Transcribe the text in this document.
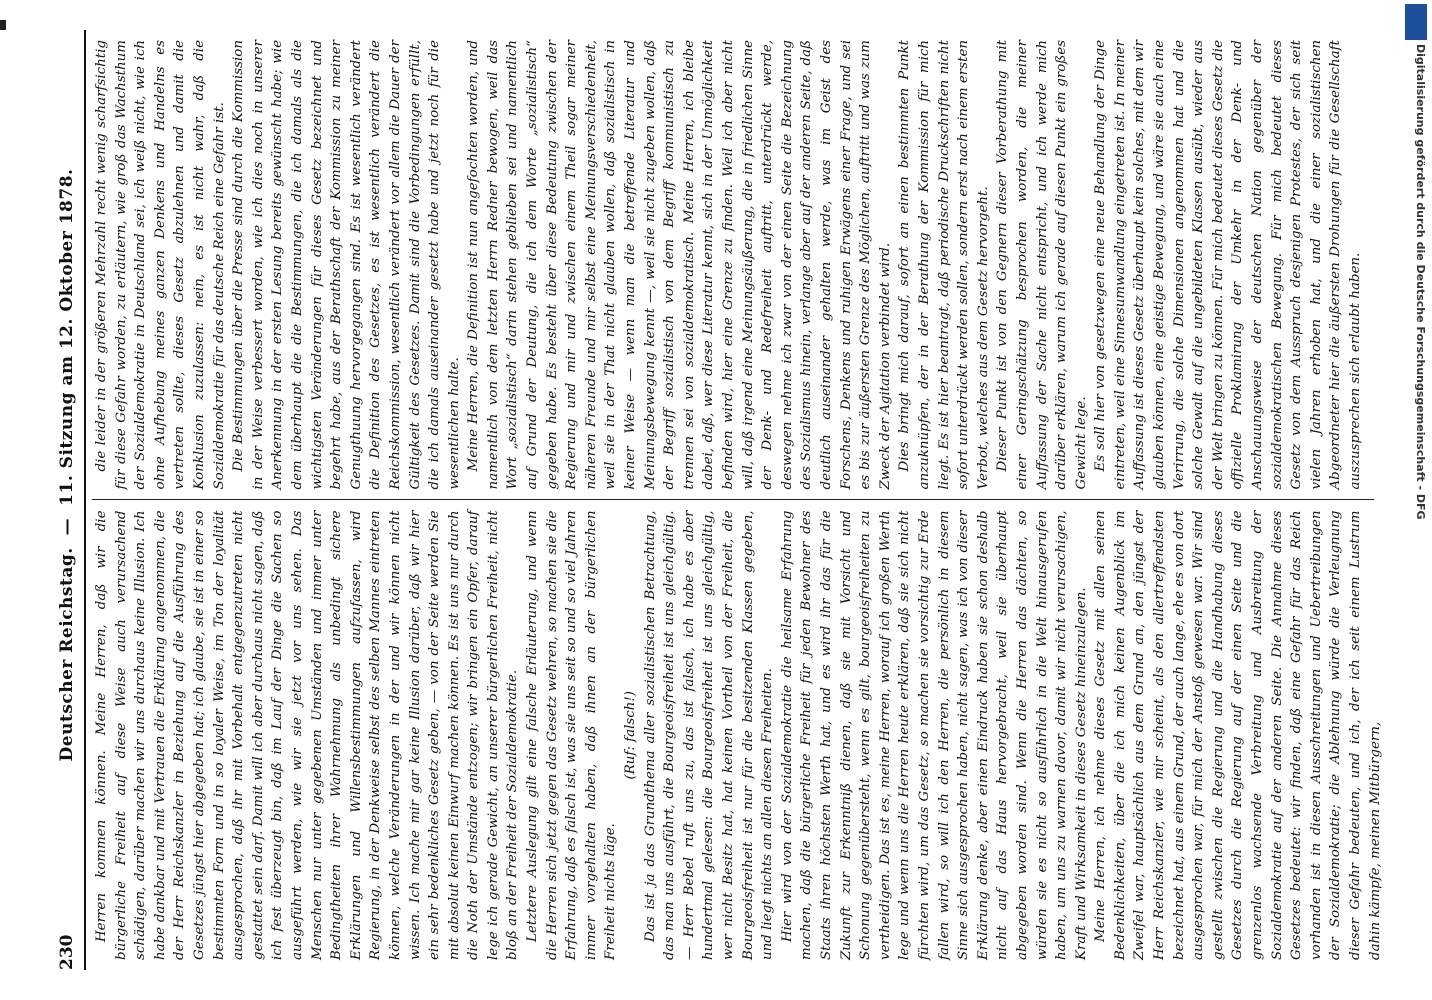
230
Deutscher Reichstag.—11. Sitzung am 12. Oktober 1878.

Herren kommen können. Meine Herren, daß wir die bürgerliche Freiheit auf diese Weise auch verursachend schädigen, darüber machen wir uns durchaus keine Illusion. Ich habe dankbar und mit Vertrauen die Erklärung angenommen, die der Herr Reichskanzler in Beziehung auf die Ausführung des Gesetzes jüngst hier abgegeben hat; ich glaube, sie ist in einer so bestimmten Form und in so loyaler Weise, im Ton der loyalität ausgesprochen, daß ihr mit Vorbehalt entgegenzutreten nicht gestattet sein darf. Damit will ich aber durchaus nicht sagen, daß ich fest überzeugt bin, daß im Lauf der Dinge die Sachen so ausgeführt werden, wie wir sie jetzt vor uns sehen. Das Menschen nur unter gegebenen Umständen und immer unter Bedingtheiten ihrer Wahrnehmung als unbedingt sichere Erklärungen und Willensbestimmungen aufzufassen, wird Regierung, in der Denkweise selbst des selben Mannes eintreten können, welche Veränderungen in der und wir können nicht wissen. Ich mache mir gar keine Illusion darüber, daß wir hier ein sehr bedenkliches Gesetz geben, — von der Seite werden Sie mit absolut keinen Einwurf machen können. Es ist uns nur durch die Noth der Umstände entzogen; wir bringen ein Opfer, darauf lege ich gerade Gewicht, an unserer bürgerlichen Freiheit, nicht bloß an der Freiheit der Sozialdemokratie. Letztere Auslegung gilt eine falsche Erläuterung, und wenn die Herren sich jetzt gegen das Gesetz wehren, so machen sie die Erfahrung, daß es falsch ist, was sie uns seit so und so viel Jahren immer vorgehalten haben, daß ihnen an der bürgerlichen Freiheit nichts läge.

(Ruf: falsch!) Das ist ja das Grundthema aller sozialistischen Betrachtung, das man uns ausführt, die Bourgeoisfreiheit ist uns gleichgültig. — Herr Bebel ruft uns zu, das ist falsch, ich habe es aber hundertmal gelesen: die Bourgeoisfreiheit ist uns gleichgültig, wer nicht Besitz hat, hat keinen Vortheil von der Freiheit, die Bourgeoisfreiheit ist nur für die besitzenden Klassen gegeben, und liegt nichts an allen diesen Freiheiten. Hier wird von der Sozialdemokratie die heilsame Erfahrung machen, daß die bürgerliche Freiheit für jeden Bewohner des Staats ihren höchsten Werth hat, und es wird ihr das für die Zukunft zur Erkenntniß dienen, daß sie mit Vorsicht und Schonung gegenübersteht, wenn es gilt, bourgeoisfreiheiten zu vertheidigen. Das ist es, meine Herren, worauf ich großen Werth lege und wenn uns die Herren heute erklären, daß sie sich nicht fürchten wird, um das Gesetz, so machen sie vorsichtig zur Erde fallen wird, so will ich den Herren, die persönlich in diesem Sinne sich ausgesprochen haben, nicht sagen, was ich von dieser Erklärung denke, aber einen Eindruck haben sie schon deshalb nicht auf das Haus hervorgebracht, weil sie überhaupt abgegeben worden sind. Wenn die Herren das dächten, so würden sie es nicht so ausführlich in die Welt hinausgerufen haben, um uns zu warnen davor, damit wir nicht verursachigen, Kraft und Wirksamkeit in dieses Gesetz hineinzulegen. Meine Herren, ich nehme dieses Gesetz mit allen seinen Bedenklichkeiten, über die ich mich keinen Augenblick im Zweifel war, hauptsächlich aus dem Grund an, den jüngst der Herr Reichskanzler, wie mir scheint, als den allertreffendsten bezeichnet hat, aus einem Grund, der auch lange, ehe es von dort ausgesprochen war, für mich der Anstoß gewesen war. Wir sind gestellt zwischen die Regierung und die Handhabung dieses Gesetzes durch die Regierung auf der einen Seite und die grenzenlos wachsende Verbreitung und Ausbreitung der Sozialdemokratie auf der anderen Seite. Die Annahme dieses Gesetzes bedeutet: wir finden, daß eine Gefahr für das Reich vorhanden ist in diesen Ausschreitungen und Uebertreibungen der Sozialdemokratie; die Ablehnung würde die Verleugnung dieser Gefahr bedeuten, und ich, der ich seit einem Lustrum dahin kämpfe, meinen Mitbürgern,

die leider in der größeren Mehrzahl recht wenig scharfsichtig für diese Gefahr worden, zu erläutern, wie groß das Wachsthum der Sozialdemokratie in Deutschland sei, ich weiß nicht, wie ich ohne Aufhebung meines ganzen Denkens und Handelns es vertreten sollte, dieses Gesetz abzulehnen und damit die Konklusion zuzulassen: nein, es ist nicht wahr, daß die Sozialdemokratie für das deutsche Reich eine Gefahr ist. Die Bestimmungen über die Presse sind durch die Kommission in der Weise verbessert worden, wie ich dies noch in unserer Anerkennung in der ersten Lesung bereits gewünscht habe; wie dem überhaupt die die Bestimmungen, die ich damals als die wichtigsten Veränderungen für dieses Gesetz bezeichnet und begehrt habe, aus der Berathschaft der Kommission zu meiner Genugthuung hervorgegangen sind. Es ist wesentlich verändert die Definition des Gesetzes, es ist wesentlich verändert die Reichskommission, wesentlich verändert vor allem die Dauer der Gültigkeit des Gesetzes. Damit sind die Vorbedingungen erfüllt, die ich damals auseinander gesetzt habe und jetzt noch für die wesentlichen halte. Meine Herren, die Definition ist nun angefochten worden, und namentlich von dem letzten Herrn Redner bewogen, weil das Wort „sozialistisch“ darin stehen geblieben sei und namentlich auf Grund der Deutung, die ich dem Worte „sozialistisch“ gegeben habe. Es besteht über diese Bedeutung zwischen der Regierung und mir und zwischen einem Theil sogar meiner näheren Freunde und mir selbst eine Meinungsverschiedenheit, weil sie in der That nicht glauben wollen, daß sozialistisch in keiner Weise — wenn man die betreffende Literatur und Meinungsbewegung kennt —, weil sie nicht zugeben wollen, daß der Begriff sozialistisch von dem Begriff kommunistisch zu trennen sei von sozialdemokratisch. Meine Herren, ich bleibe dabei, daß, wer diese Literatur kennt, sich in der Unmöglichkeit befinden wird, hier eine Grenze zu finden. Weil ich aber nicht will, daß irgend eine Meinungsäußerung, die in friedlichen Sinne der Denk- und Redefreiheit auftritt, unterdrückt werde, deswegen nehme ich zwar von der einen Seite die Bezeichnung des Sozialismus hinein, verlange aber auf der anderen Seite, daß deutlich auseinander gehalten werde, was im Geist des Forschens, Denkens und ruhigen Erwägens einer Frage, und sei es bis zur äußersten Grenze des Möglichen, auftritt und was zum Zweck der Agitation verbindet wird. Dies bringt mich darauf, sofort an einen bestimmten Punkt anzuknüpfen, der in der Berathung der Kommission für mich liegt. Es ist hier beantragt, daß periodische Druckschriften nicht sofort unterdrückt werden sollen, sondern erst nach einem ersten Verbot, welches aus dem Gesetz hervorgeht. Dieser Punkt ist von den Gegnern dieser Vorberathung mit einer Geringschätzung besprochen worden, die meiner Auffassung der Sache nicht entspricht, und ich werde mich darüber erklären, warum ich gerade auf diesen Punkt ein großes Gewicht lege. Es soll hier von gesetzwegen eine neue Behandlung der Dinge eintreten, weil eine Sinnesumwandlung eingetreten ist. In meiner Auffassung ist dieses Gesetz überhaupt kein solches, mit dem wir glauben können, eine geistige Bewegung, und wäre sie auch eine Verirrung, die solche Dimensionen angenommen hat und die solche Gewalt auf die ungebildeten Klassen ausübt, wieder aus der Welt bringen zu können. Für mich bedeutet dieses Gesetz die offizielle Proklamirung der Umkehr in der Denk- und Anschauungsweise der deutschen Nation gegenüber der sozialdemokratischen Bewegung. Für mich bedeutet dieses Gesetz von dem Ausspruch desjenigen Protestes, der sich seit vielen Jahren erhoben hat, und die einer sozialistischen Abgeordneter hier die äußersten Drohungen für die Gesellschaft auszusprechen sich erlaubt haben.	Digitalisierung gefördert durch die Deutsche Forschungsgemeinschaft - DFG
